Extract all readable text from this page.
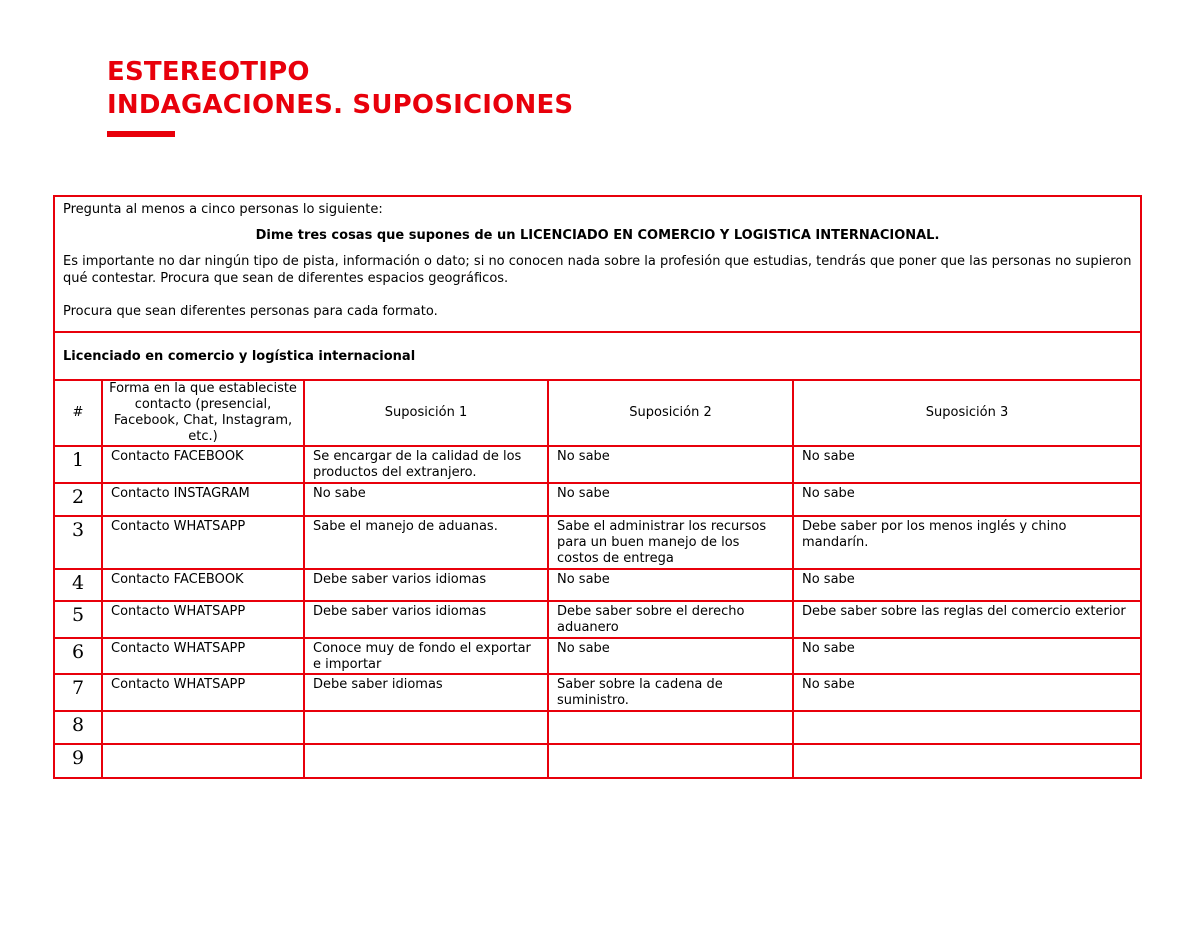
ESTEREOTIPO
INDAGACIONES. SUPOSICIONES

Pregunta al menos a cinco personas lo siguiente:

Dime tres cosas que supones de un LICENCIADO EN COMERCIO Y LOGISTICA INTERNACIONAL.

Es importante no dar ningún tipo de pista, información o dato; si no conocen nada sobre la profesión que estudias, tendrás que poner que las personas no supieron qué contestar. Procura que sean de diferentes espacios geográficos.

Procura que sean diferentes personas para cada formato.				

Licenciado en comercio y logística internacional				
#	Forma en la que estableciste contacto (presencial, Facebook, Chat, Instagram, etc.)	Suposición 1	Suposición 2	Suposición 3
1	Contacto FACEBOOK	Se encargar de la calidad de los productos del extranjero.	No sabe	No sabe
2	Contacto INSTAGRAM	No sabe	No sabe	No sabe
3	Contacto WHATSAPP	Sabe el manejo de aduanas.	Sabe el administrar los recursos para un buen manejo de los costos de entrega	Debe saber por los menos inglés y chino mandarín.
4	Contacto FACEBOOK	Debe saber varios idiomas	No sabe	No sabe
5	Contacto WHATSAPP	Debe saber varios idiomas	Debe saber sobre el derecho aduanero	Debe saber sobre las reglas del comercio exterior
6	Contacto WHATSAPP	Conoce muy de fondo el exportar e importar	No sabe	No sabe
7	Contacto WHATSAPP	Debe saber idiomas	Saber sobre la cadena de suministro.	No sabe
8				
9				
